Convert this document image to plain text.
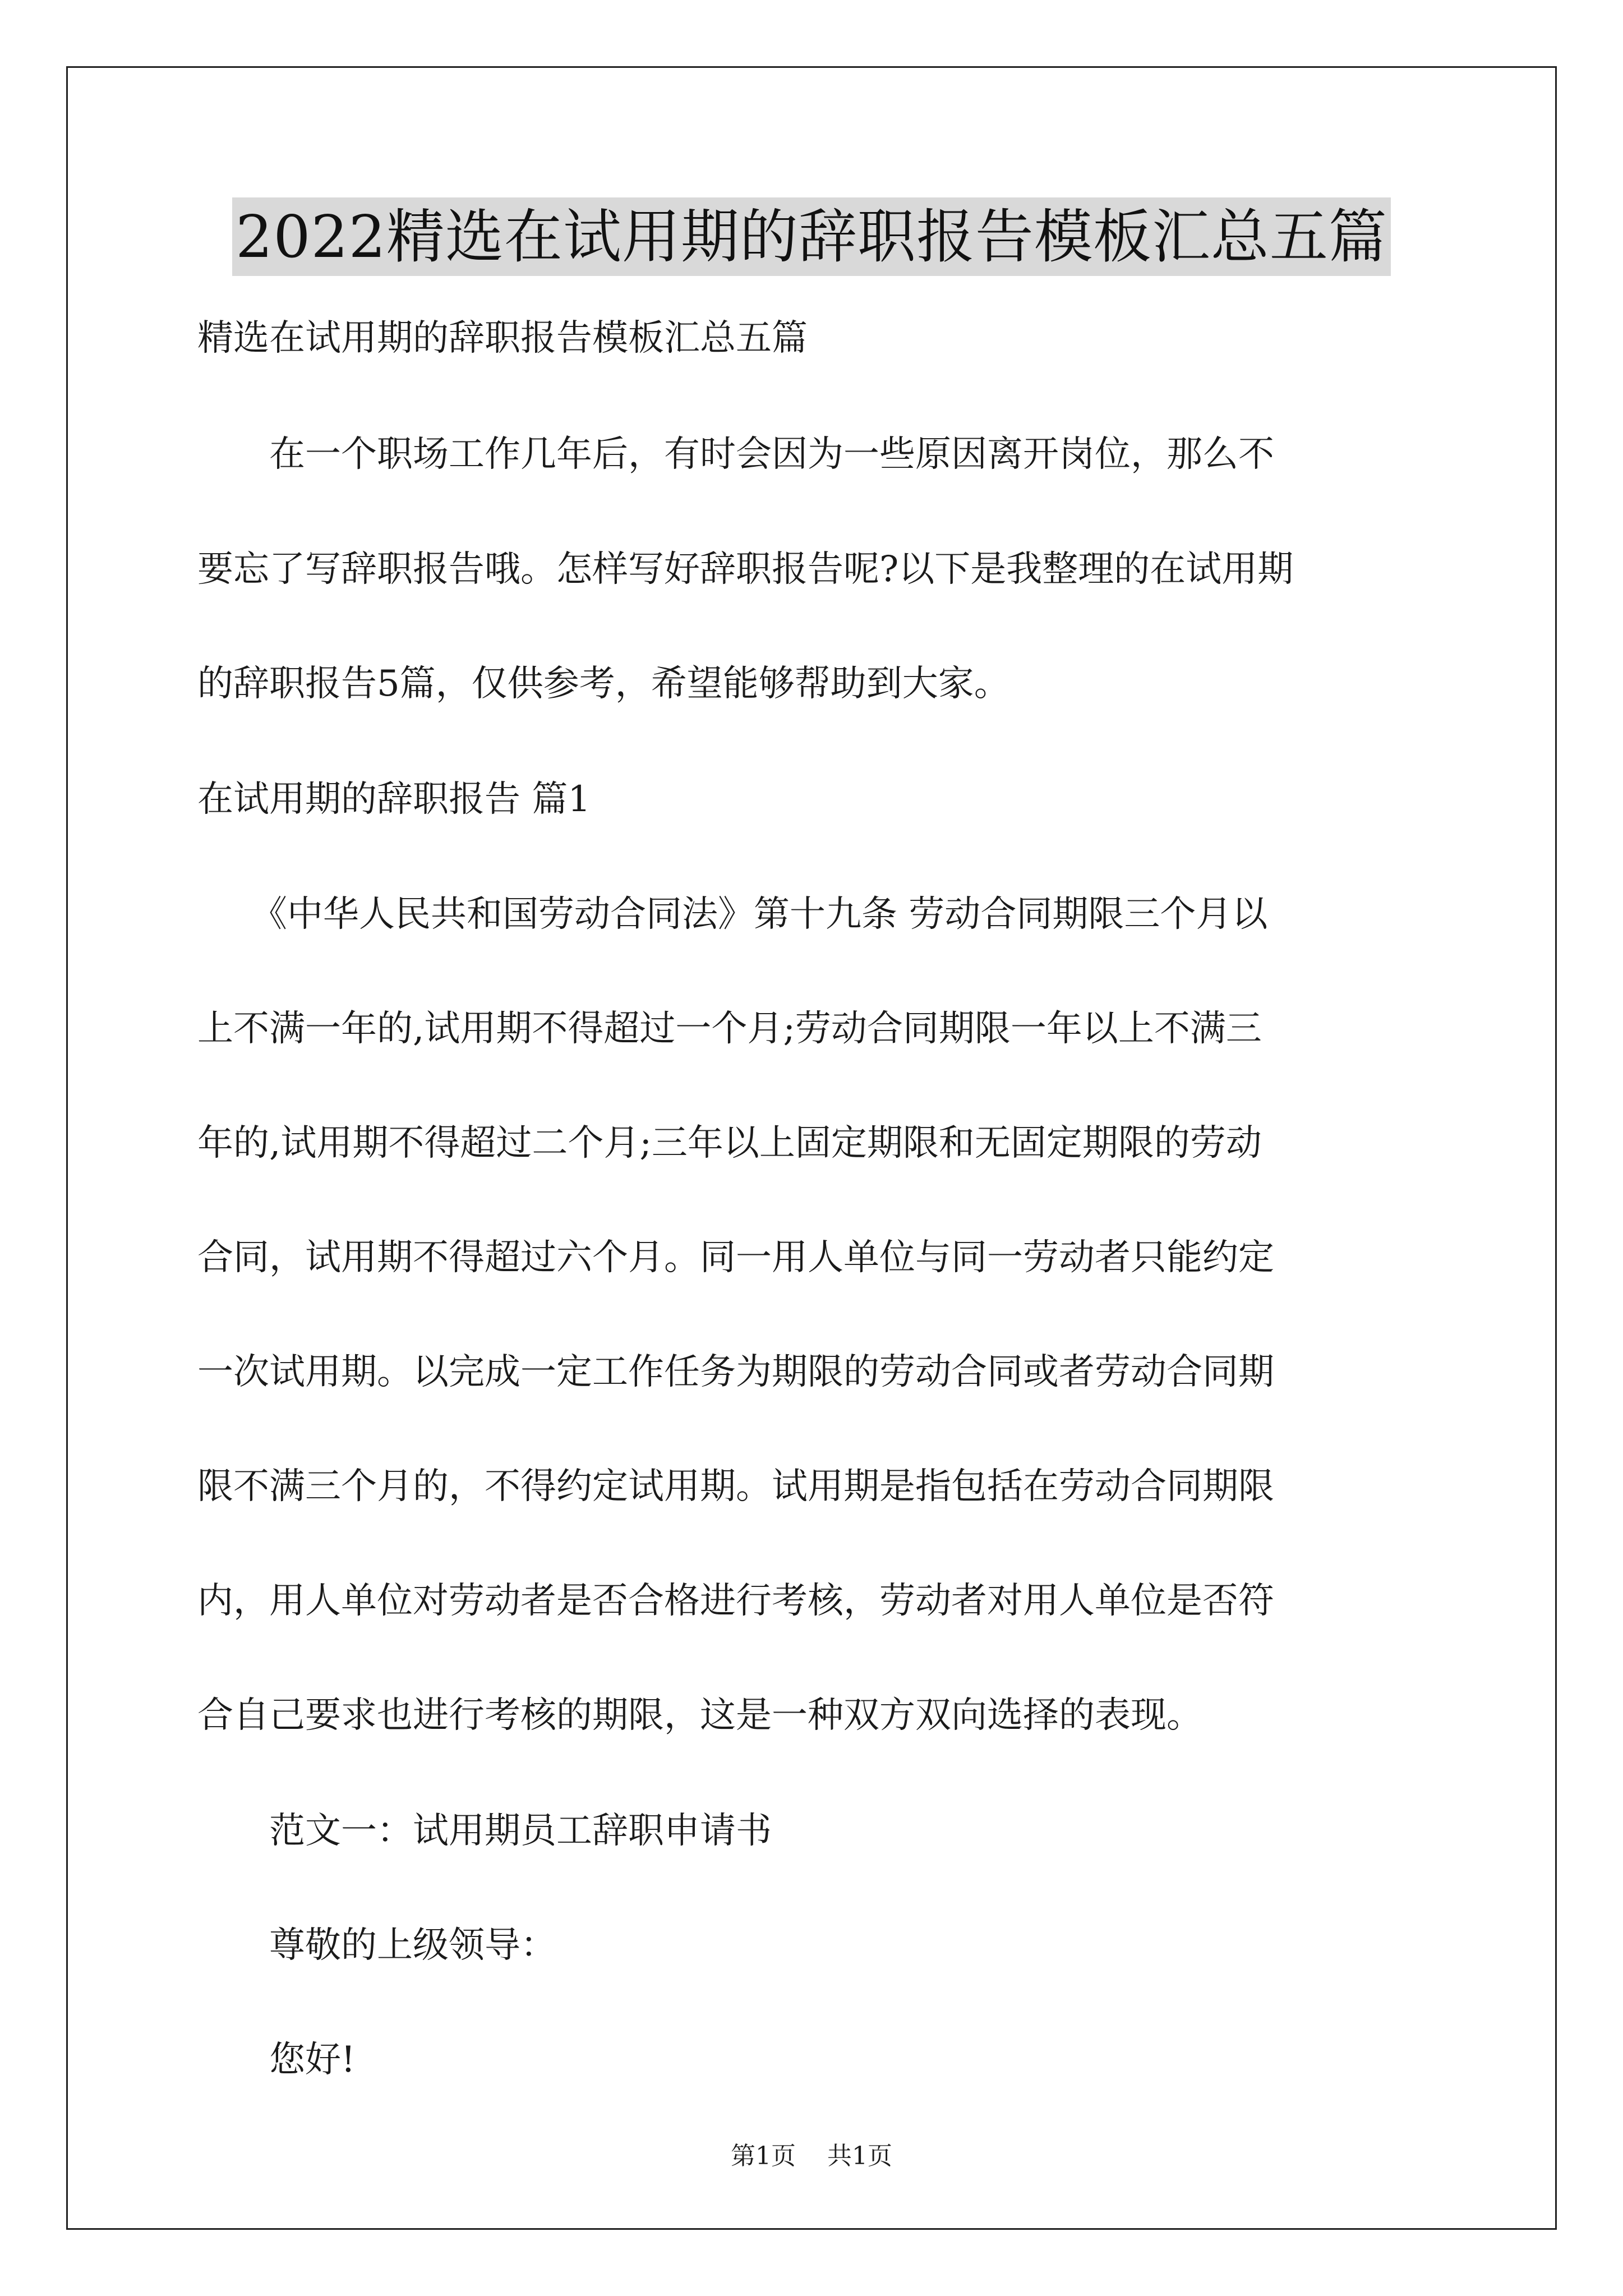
2022精选在试用期的辞职报告模板汇总五篇
精选在试用期的辞职报告模板汇总五篇
　　在一个职场工作几年后，有时会因为一些原因离开岗位，那么不
要忘了写辞职报告哦。怎样写好辞职报告呢?以下是我整理的在试用期
的辞职报告5篇，仅供参考，希望能够帮助到大家。
在试用期的辞职报告 篇1
　　《中华人民共和国劳动合同法》第十九条 劳动合同期限三个月以
上不满一年的,试用期不得超过一个月;劳动合同期限一年以上不满三
年的,试用期不得超过二个月;三年以上固定期限和无固定期限的劳动
合同，试用期不得超过六个月。同一用人单位与同一劳动者只能约定
一次试用期。以完成一定工作任务为期限的劳动合同或者劳动合同期
限不满三个月的，不得约定试用期。试用期是指包括在劳动合同期限
内，用人单位对劳动者是否合格进行考核，劳动者对用人单位是否符
合自己要求也进行考核的期限，这是一种双方双向选择的表现。
　　范文一：试用期员工辞职申请书
　　尊敬的上级领导：
　　您好!
第1页 共1页
